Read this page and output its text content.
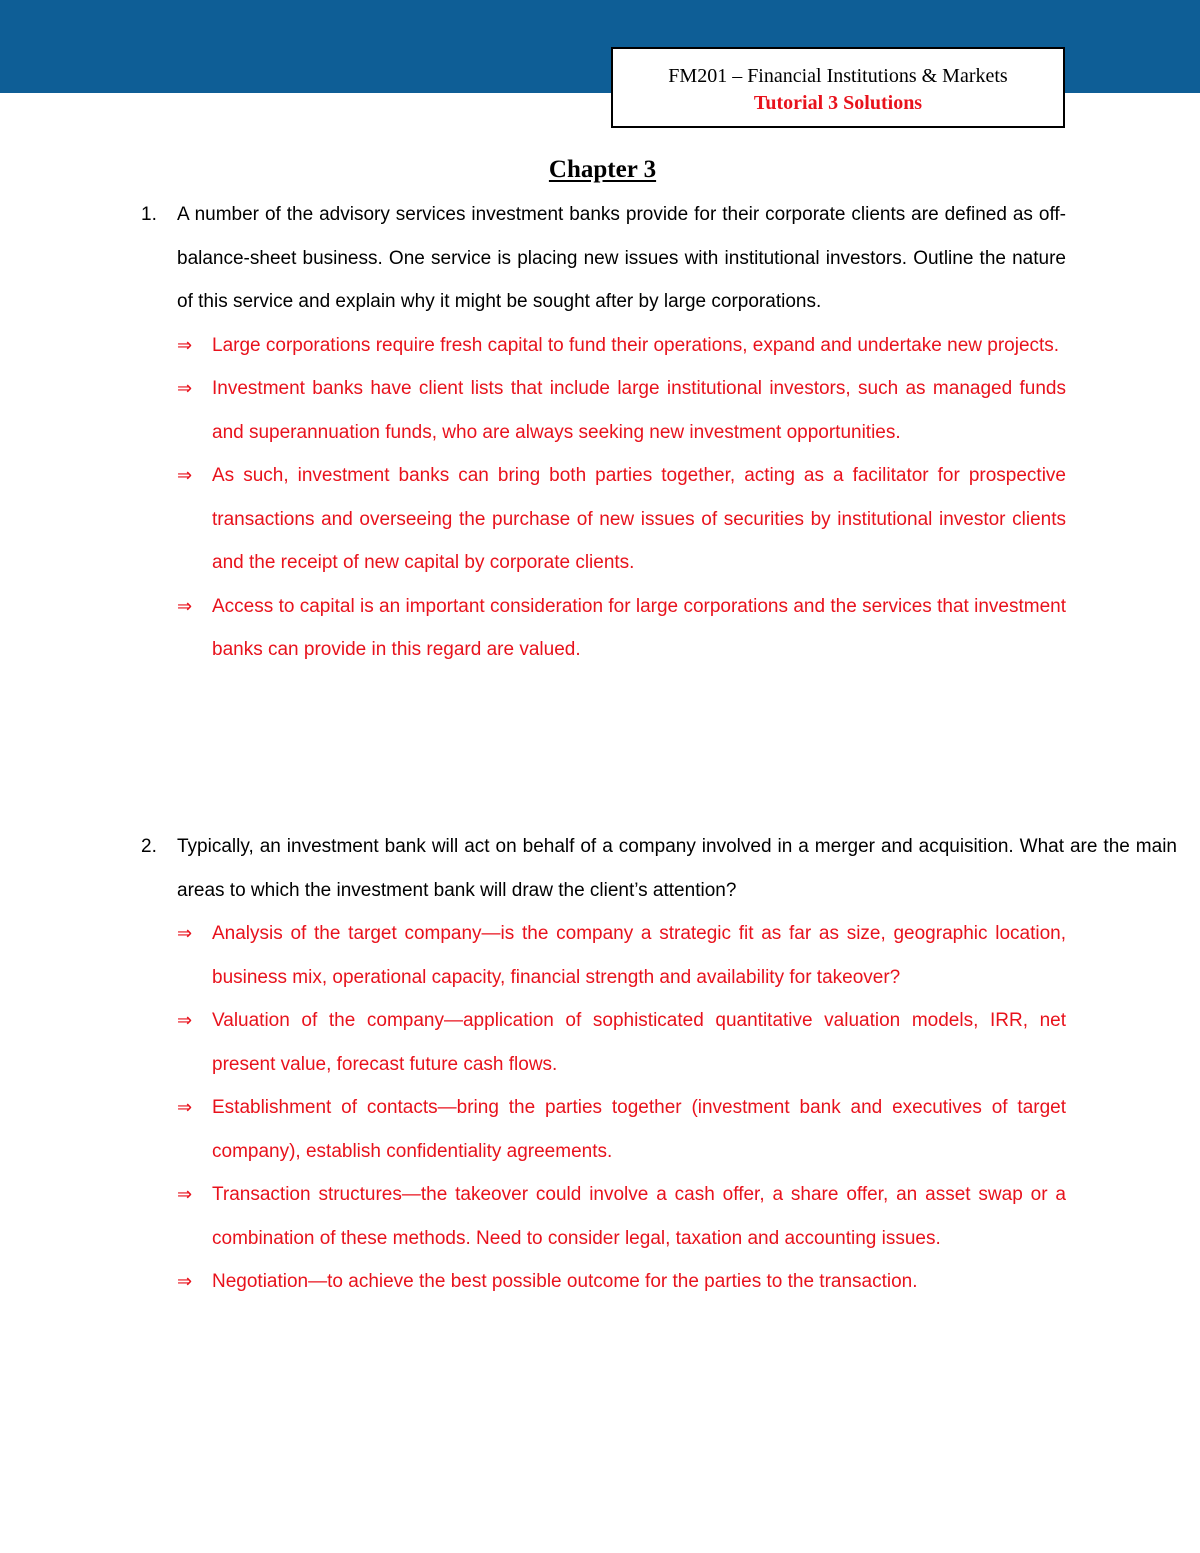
FM201 – Financial Institutions & Markets
Tutorial 3 Solutions
Chapter 3
1. A number of the advisory services investment banks provide for their corporate clients are defined as off-balance-sheet business. One service is placing new issues with institutional investors. Outline the nature of this service and explain why it might be sought after by large corporations.
⇒ Large corporations require fresh capital to fund their operations, expand and undertake new projects.
⇒ Investment banks have client lists that include large institutional investors, such as managed funds and superannuation funds, who are always seeking new investment opportunities.
⇒ As such, investment banks can bring both parties together, acting as a facilitator for prospective transactions and overseeing the purchase of new issues of securities by institutional investor clients and the receipt of new capital by corporate clients.
⇒ Access to capital is an important consideration for large corporations and the services that investment banks can provide in this regard are valued.
2. Typically, an investment bank will act on behalf of a company involved in a merger and acquisition. What are the main areas to which the investment bank will draw the client’s attention?
⇒ Analysis of the target company—is the company a strategic fit as far as size, geographic location, business mix, operational capacity, financial strength and availability for takeover?
⇒ Valuation of the company—application of sophisticated quantitative valuation models, IRR, net present value, forecast future cash flows.
⇒ Establishment of contacts—bring the parties together (investment bank and executives of target company), establish confidentiality agreements.
⇒ Transaction structures—the takeover could involve a cash offer, a share offer, an asset swap or a combination of these methods. Need to consider legal, taxation and accounting issues.
⇒ Negotiation—to achieve the best possible outcome for the parties to the transaction.
